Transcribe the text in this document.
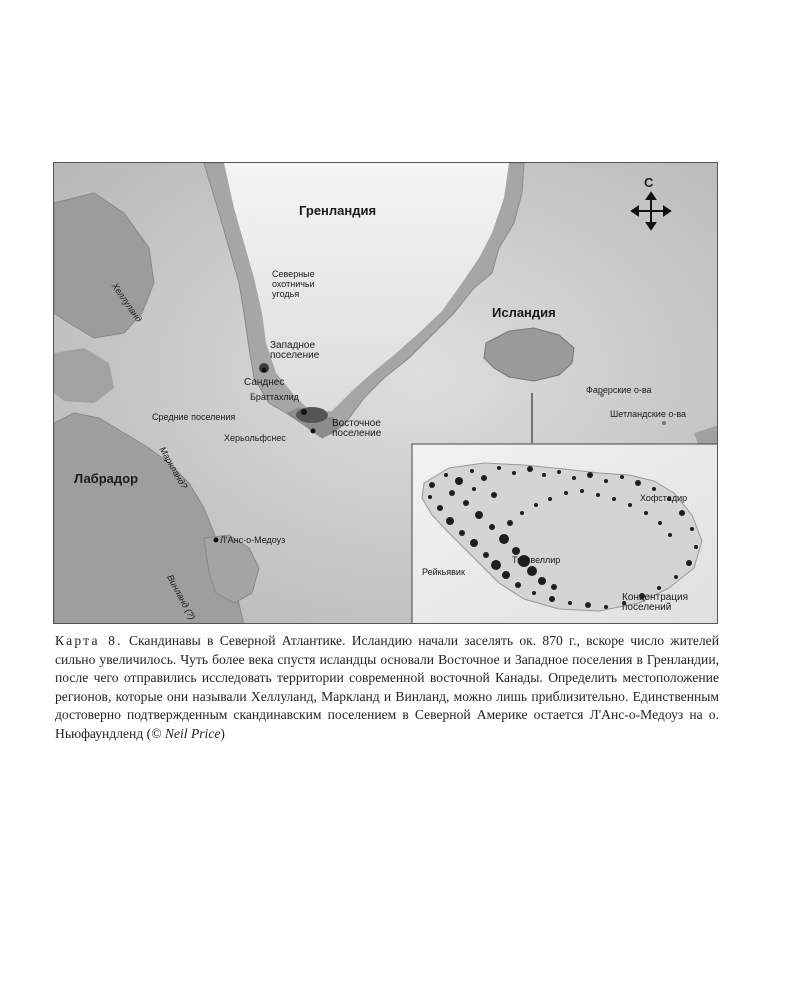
Гренландия
Исландия
Лабрадор
Северные охотничьи угодья
Западное поселение
Санднес
Браттахлид
Средние поселения
Восточное поселение
Херьольфснес
Л'Анс-о-Медоуз
Фарерские о-ва
Шетландские о-ва
Хеллуланд
Маркланд?
Винланд (?)
Хофстадир
Тингвеллир
Рейкьявик
Концентрация поселений
С
Карта 8. Скандинавы в Северной Атлантике. Исландию начали заселять ок. 870 г., вскоре число жителей сильно увеличилось. Чуть более века спустя исландцы основали Восточное и Западное поселения в Гренландии, после чего отправились исследовать территории современной восточной Канады. Определить местоположение регионов, которые они называли Хеллуланд, Маркланд и Винланд, можно лишь приблизительно. Единственным достоверно подтвержденным скандинавским поселением в Северной Америке остается Л'Анс-о-Медоуз на о. Ньюфаундленд (© Neil Price)
